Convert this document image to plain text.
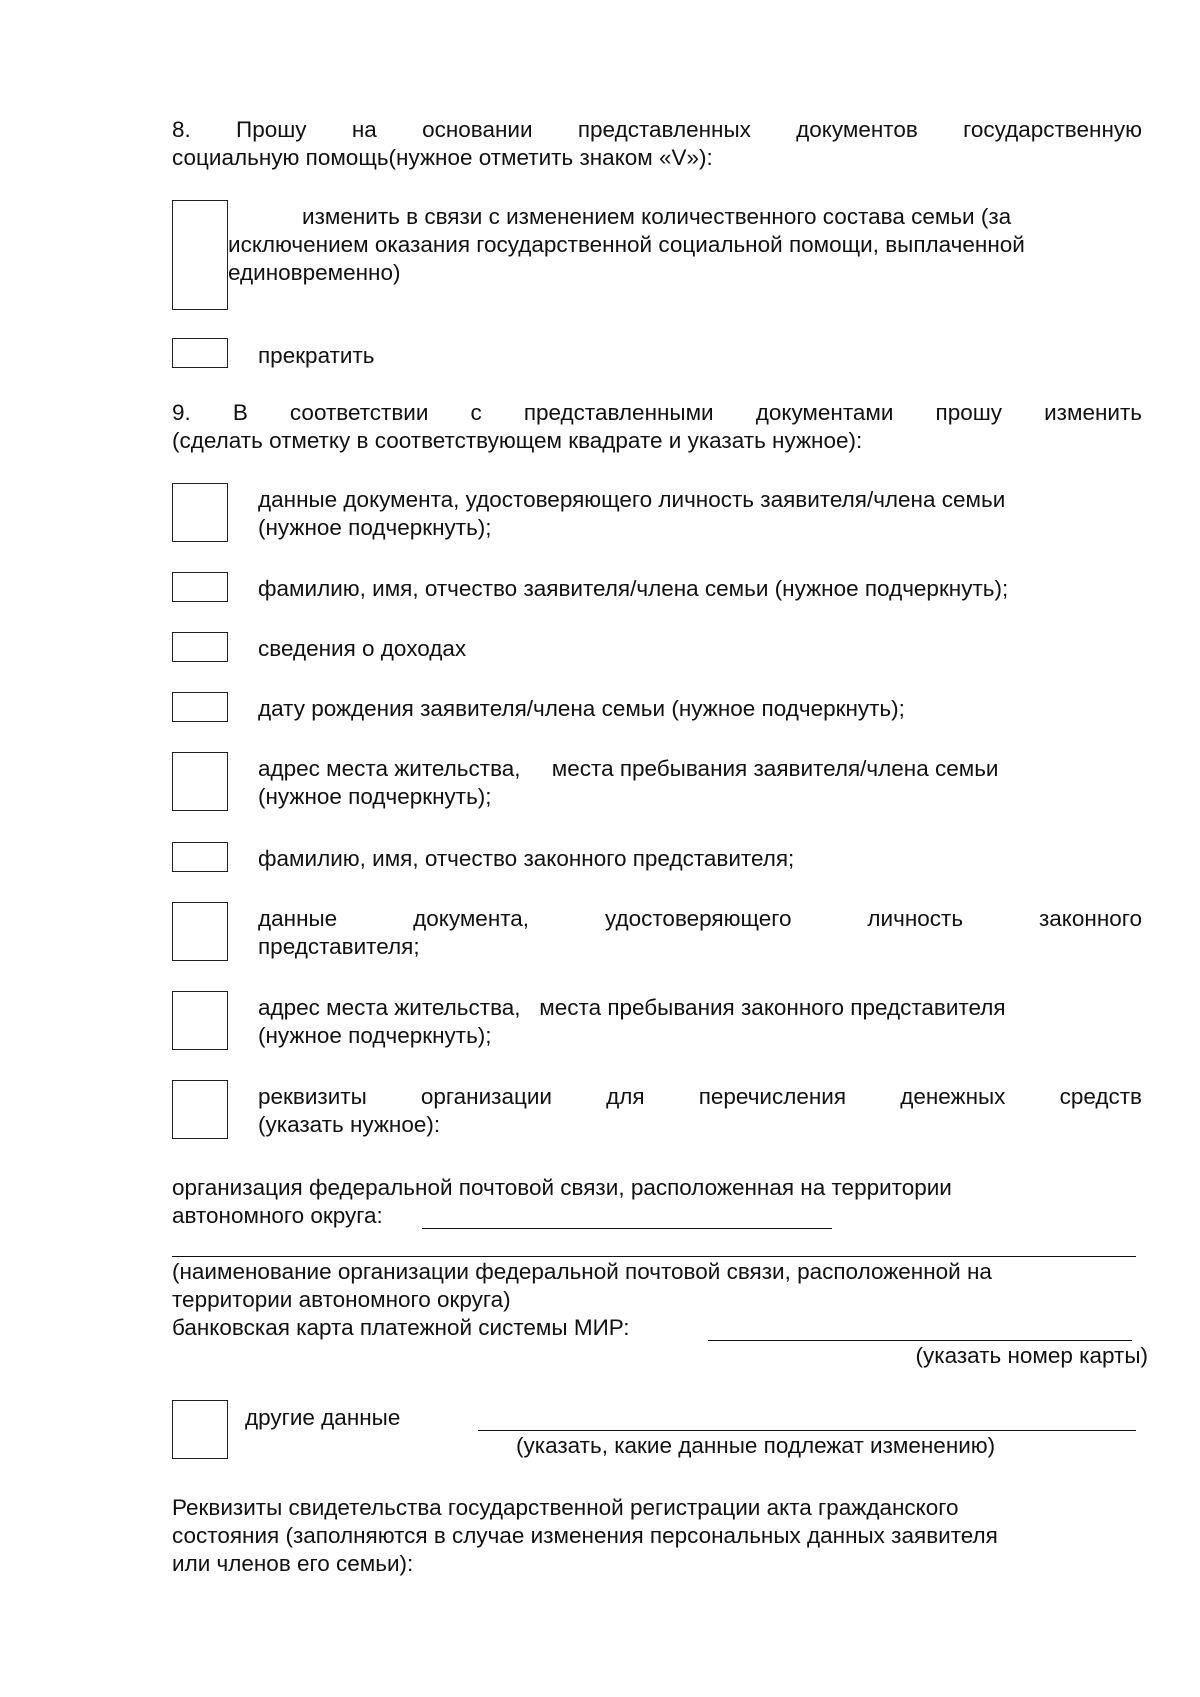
8. Прошу на основании представленных документов государственную
социальную помощь(нужное отметить знаком «V»):
изменить в связи с изменением количественного состава семьи (за
исключением оказания государственной социальной помощи, выплаченной
единовременно)
прекратить
9. В соответствии с представленными документами прошу изменить
(сделать отметку в соответствующем квадрате и указать нужное):
данные документа, удостоверяющего личность заявителя/члена семьи
(нужное подчеркнуть);
фамилию, имя, отчество заявителя/члена семьи (нужное подчеркнуть);
сведения о доходах
дату рождения заявителя/члена семьи (нужное подчеркнуть);
адрес места жительства,     места пребывания заявителя/члена семьи
(нужное подчеркнуть);
фамилию, имя, отчество законного представителя;
данные документа, удостоверяющего личность законного
представителя;
адрес места жительства,   места пребывания законного представителя
(нужное подчеркнуть);
реквизиты организации для перечисления денежных средств
(указать нужное):
организация федеральной почтовой связи, расположенная на территории
автономного округа:
(наименование организации федеральной почтовой связи, расположенной на
территории автономного округа)
банковская карта платежной системы МИР:
(указать номер карты)
другие данные
(указать, какие данные подлежат изменению)
Реквизиты свидетельства государственной регистрации акта гражданского
состояния (заполняются в случае изменения персональных данных заявителя
или членов его семьи):
